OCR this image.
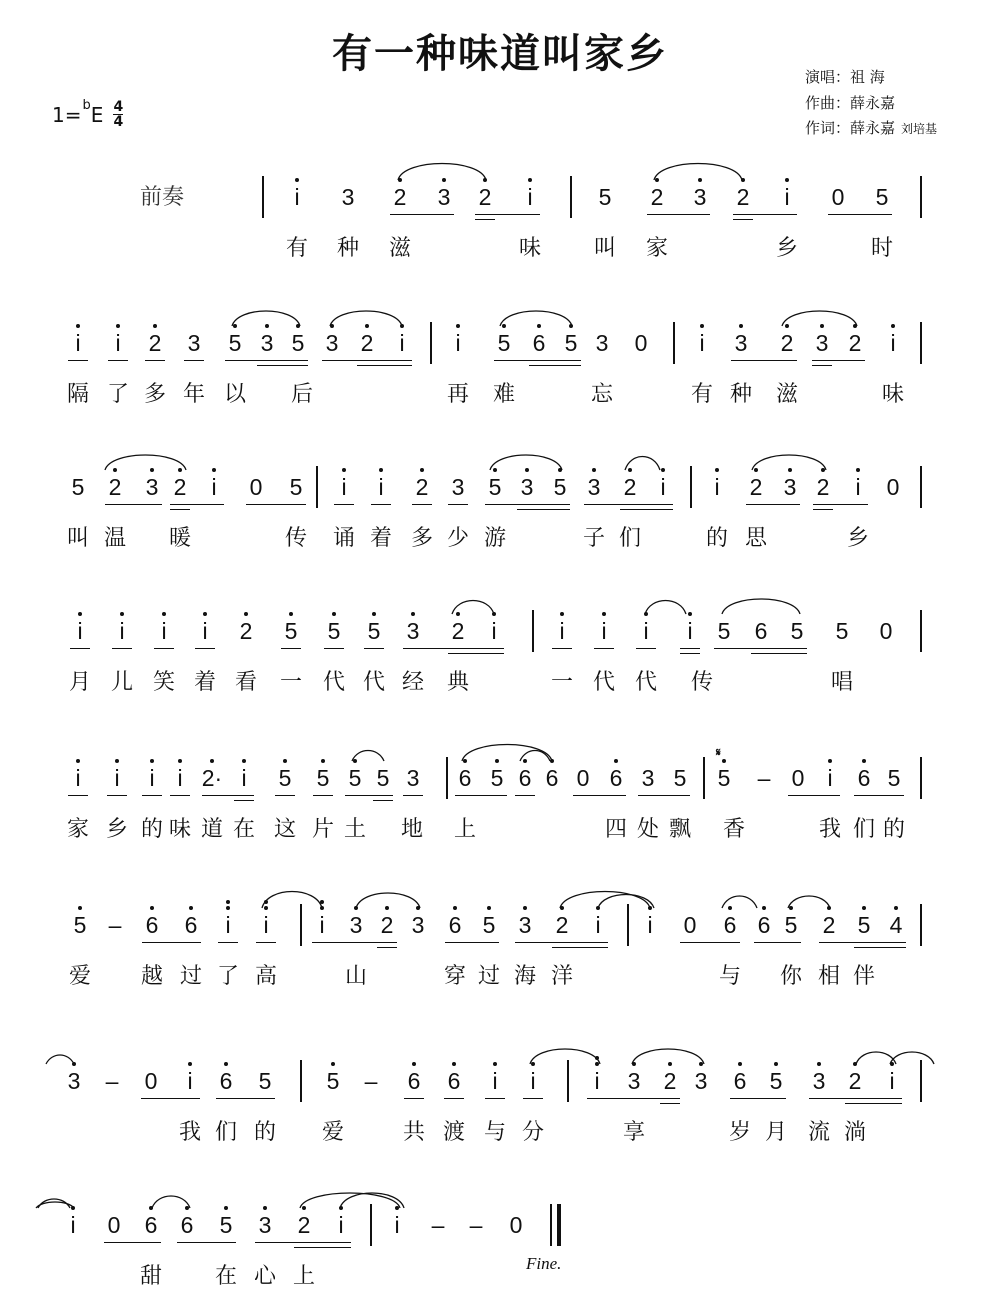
有一种味道叫家乡	演唱：祖 海
作曲：薛永嘉
作词：薛永嘉 刘培基
1= b E 4
4
前奏	i	3	2	3	2	i	5	2	3	2	i	0	5
有	种	滋	味	叫	家	乡	时
i	i	2	3	5 3 5 3 2	i	i	5 6 5 3	0	i	3	2 3 2	i
隔 了 多 年 以	后	再	难	忘	有 种	滋	味
5	2	3 2	i	0	5	i	i	2	3	5 3 5 3	2	i	i	2 3 2	i	0
叫 温	暖	传	诵 着 多 少 游	子 们	的 思	乡
i	i	i	i	2	5	5	5	3	2	i	i	i	i	i	5	6	5	5	0
月 儿 笑 着 看	一 代 代 经	典	一 代 代	传	唱
i	i	i i 2· i	5	5 5 5 3	6 5 6 6 0 6 3 5	5	– 0	i	6 5
家 乡 的 味 道 在 这 片 土	地	上	四 处 飘	香	我 们 的
𝄋
5 –	6	6	i	i	i	3 2 3	6 5	3	2	i	i	0	6 6 5	2 5 4
爱	越 过 了 高	山	穿 过 海 洋	与	你 相 伴
3	–	0	i	6	5	5	–	6	6	i	i	i	3	2 3	6	5	3	2	i
我 们 的	爱	共 渡 与 分	享	岁 月 流 淌
i	0	6	6	5	3	2	i	i	–	–	0
甜	在 心 上
Fine.
